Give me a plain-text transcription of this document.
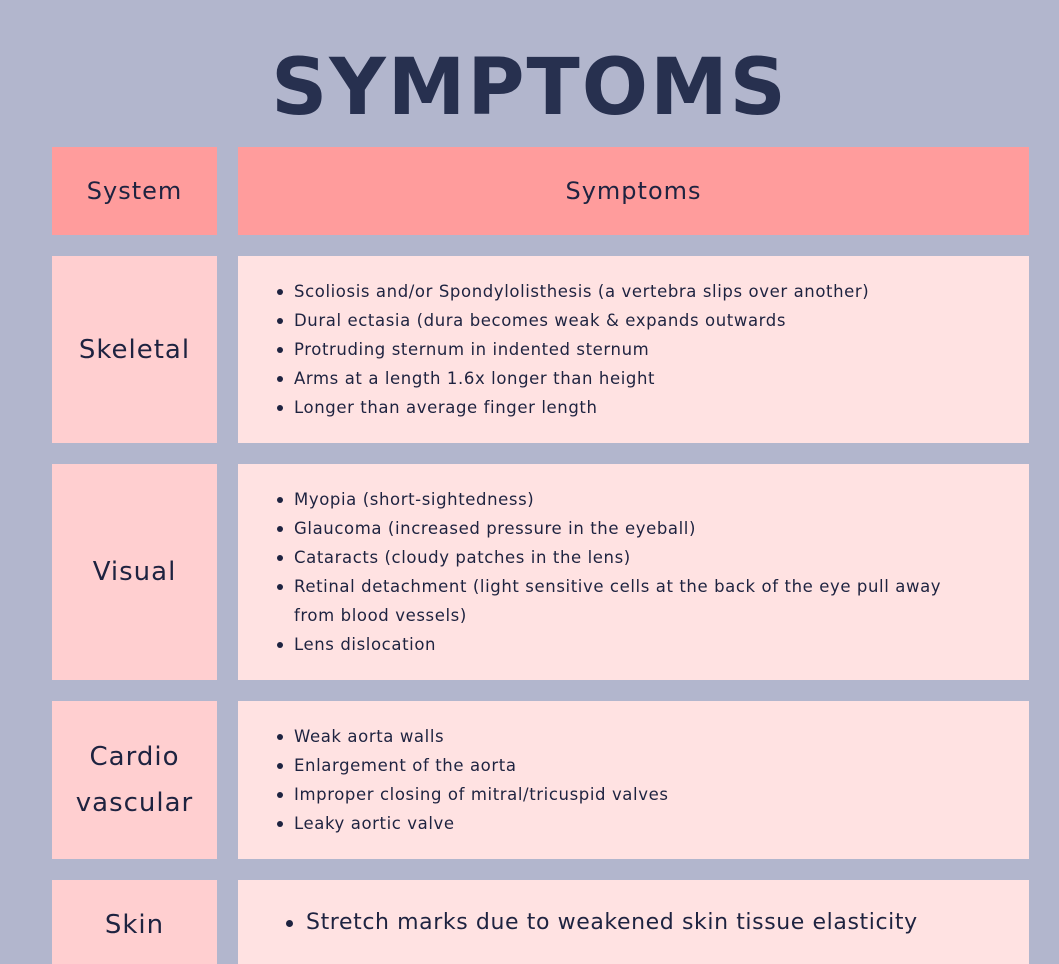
SYMPTOMS
System	Symptoms
Skeletal
Scoliosis and/or Spondylolisthesis (a vertebra slips over another)
Dural ectasia (dura becomes weak & expands outwards
Protruding sternum in indented sternum
Arms at a length 1.6x longer than height
Longer than average finger length
Visual
Myopia (short-sightedness)
Glaucoma (increased pressure in the eyeball)
Cataracts (cloudy patches in the lens)
Retinal detachment (light sensitive cells at the back of the eye pull away from blood vessels)
Lens dislocation
Cardio vascular
Weak aorta walls
Enlargement of the aorta
Improper closing of mitral/tricuspid valves
Leaky aortic valve
Skin	Stretch marks due to weakened skin tissue elasticity
